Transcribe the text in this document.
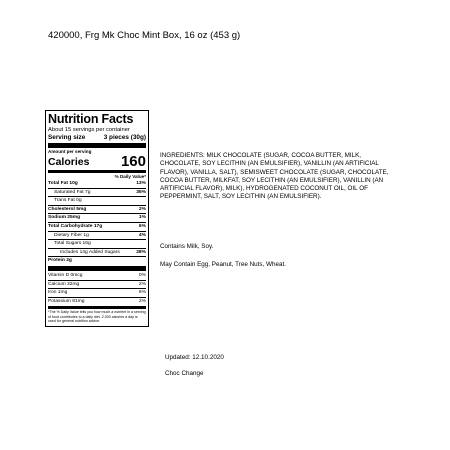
420000, Frg Mk Choc Mint Box, 16 oz (453 g)
Nutrition Facts
About 15 servings per container
Serving size	3 pieces (30g)
Amount per serving
Calories 160
% Daily Value*
Total Fat 10g	13%
Saturated Fat 7g	35%
Trans Fat 0g
Cholesterol 5mg	2%
Sodium 25mg	1%
Total Carbohydrate 17g	6%
Dietary Fiber 1g	4%
Total Sugars 16g
Includes 14g Added Sugars	28%
Protein 2g
Vitamin D 0mcg	0%
Calcium 32mg	2%
Iron 1mg	6%
Potassium 81mg	2%
*The % Daily Value tells you how much a nutrient in a serving of food contributes to a daily diet. 2,000 calories a day is used for general nutrition advice.
INGREDIENTS: MILK CHOCOLATE (SUGAR, COCOA BUTTER, MILK, CHOCOLATE, SOY LECITHIN (AN EMULSIFIER), VANILLIN (AN ARTIFICIAL FLAVOR), VANILLA, SALT), SEMISWEET CHOCOLATE (SUGAR, CHOCOLATE, COCOA BUTTER, MILKFAT, SOY LECITHIN (AN EMULSIFIER), VANILLIN (AN ARTIFICIAL FLAVOR), MILK), HYDROGENATED COCONUT OIL, OIL OF PEPPERMINT, SALT, SOY LECITHIN (AN EMULSIFIER).
Contains Milk, Soy.
May Contain Egg, Peanut, Tree Nuts, Wheat.
Updated: 12.10.2020
Choc Change
